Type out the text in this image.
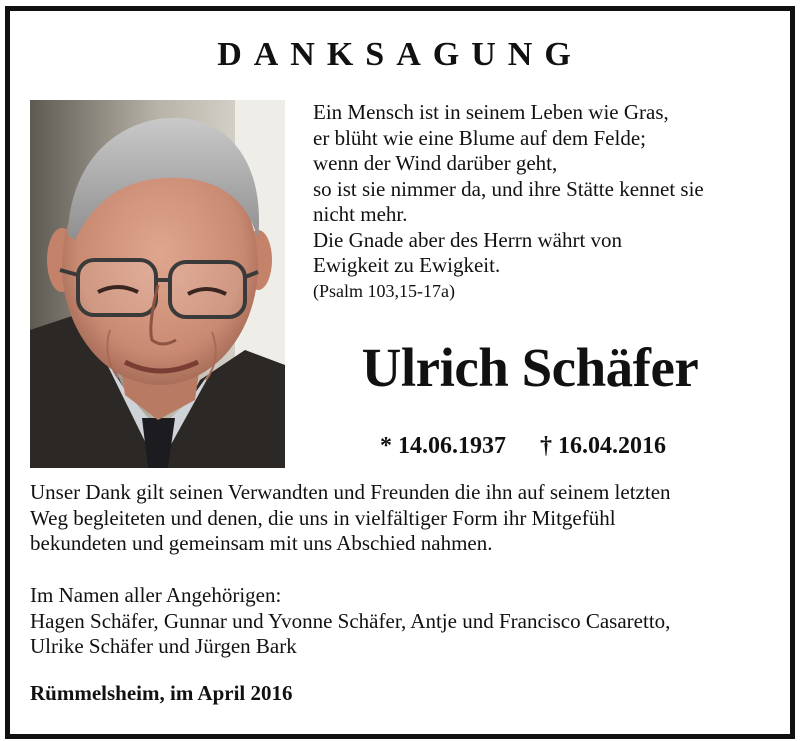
DANKSAGUNG
Ein Mensch ist in seinem Leben wie Gras,
er blüht wie eine Blume auf dem Felde;
wenn der Wind darüber geht,
so ist sie nimmer da, und ihre Stätte kennet sie
nicht mehr.
Die Gnade aber des Herrn währt von
Ewigkeit zu Ewigkeit.
(Psalm 103,15-17a)
Ulrich Schäfer
* 14.06.1937 † 16.04.2016
Unser Dank gilt seinen Verwandten und Freunden die ihn auf seinem letzten
Weg begleiteten und denen, die uns in vielfältiger Form ihr Mitgefühl
bekundeten und gemeinsam mit uns Abschied nahmen.
Im Namen aller Angehörigen:
Hagen Schäfer, Gunnar und Yvonne Schäfer, Antje und Francisco Casaretto,
Ulrike Schäfer und Jürgen Bark
Rümmelsheim, im April 2016
